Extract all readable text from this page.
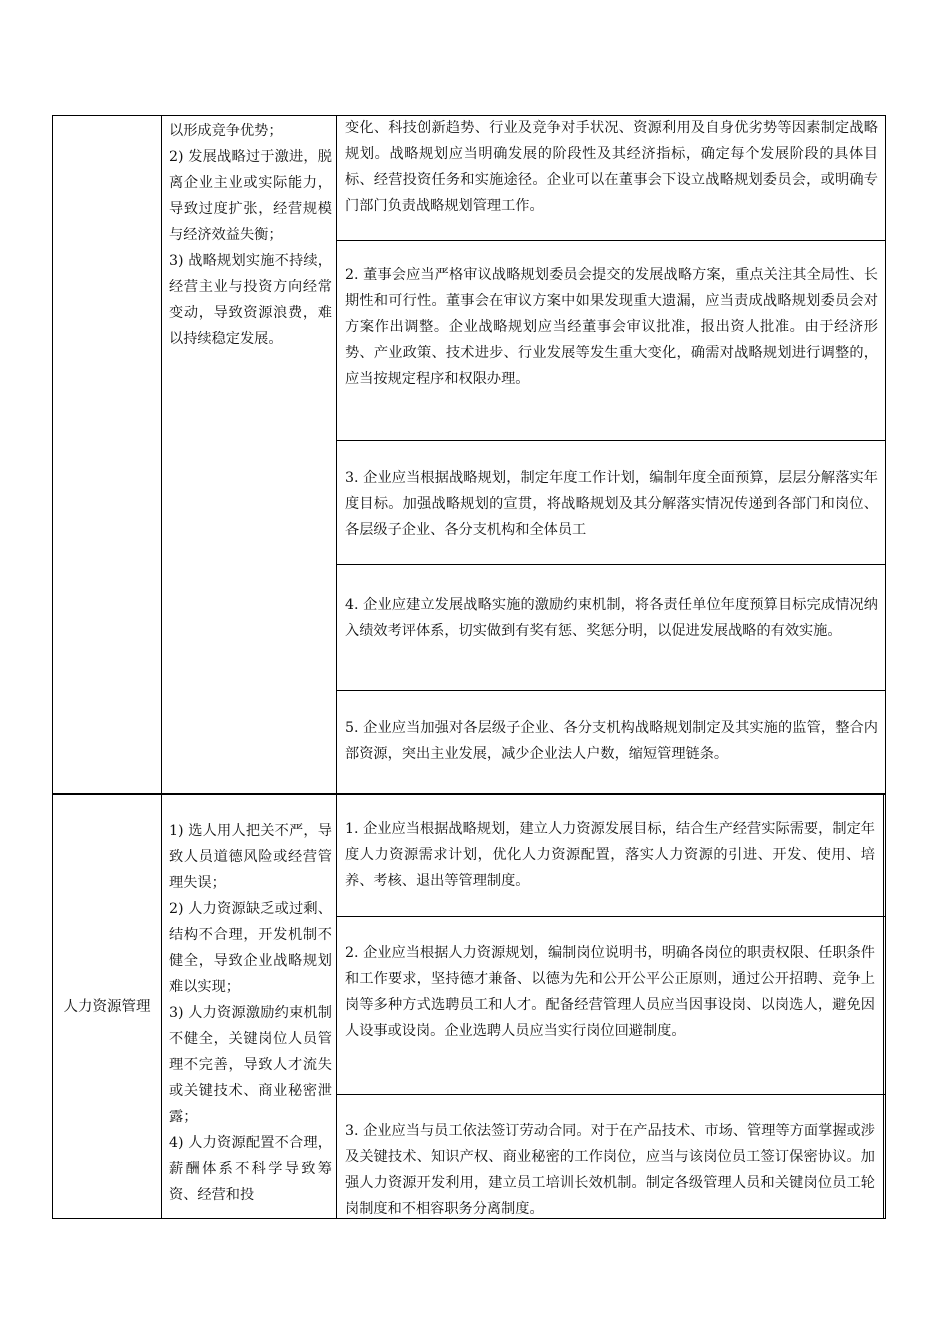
以形成竞争优势；
2) 发展战略过于激进，脱离企业主业或实际能力，导致过度扩张，经营规模与经济效益失衡；
3) 战略规划实施不持续，经营主业与投资方向经常变动，导致资源浪费，难以持续稳定发展。
变化、科技创新趋势、行业及竞争对手状况、资源利用及自身优劣势等因素制定战略规划。战略规划应当明确发展的阶段性及其经济指标，确定每个发展阶段的具体目标、经营投资任务和实施途径。企业可以在董事会下设立战略规划委员会，或明确专门部门负责战略规划管理工作。
2. 董事会应当严格审议战略规划委员会提交的发展战略方案，重点关注其全局性、长期性和可行性。董事会在审议方案中如果发现重大遗漏，应当责成战略规划委员会对方案作出调整。企业战略规划应当经董事会审议批准，报出资人批准。由于经济形势、产业政策、技术进步、行业发展等发生重大变化，确需对战略规划进行调整的，应当按规定程序和权限办理。
3. 企业应当根据战略规划，制定年度工作计划，编制年度全面预算，层层分解落实年度目标。加强战略规划的宣贯，将战略规划及其分解落实情况传递到各部门和岗位、各层级子企业、各分支机构和全体员工
4. 企业应建立发展战略实施的激励约束机制，将各责任单位年度预算目标完成情况纳入绩效考评体系，切实做到有奖有惩、奖惩分明，以促进发展战略的有效实施。
5. 企业应当加强对各层级子企业、各分支机构战略规划制定及其实施的监管，整合内部资源，突出主业发展，减少企业法人户数，缩短管理链条。
人力资源管理
1) 选人用人把关不严，导致人员道德风险或经营管理失误；
2) 人力资源缺乏或过剩、结构不合理，开发机制不健全，导致企业战略规划难以实现；
3) 人力资源激励约束机制不健全，关键岗位人员管理不完善，导致人才流失或关键技术、商业秘密泄露；
4) 人力资源配置不合理，薪酬体系不科学导致筹资、经营和投
1. 企业应当根据战略规划，建立人力资源发展目标，结合生产经营实际需要，制定年度人力资源需求计划，优化人力资源配置，落实人力资源的引进、开发、使用、培养、考核、退出等管理制度。
2. 企业应当根据人力资源规划，编制岗位说明书，明确各岗位的职责权限、任职条件和工作要求，坚持德才兼备、以德为先和公开公平公正原则，通过公开招聘、竞争上岗等多种方式选聘员工和人才。配备经营管理人员应当因事设岗、以岗选人，避免因人设事或设岗。企业选聘人员应当实行岗位回避制度。
3. 企业应当与员工依法签订劳动合同。对于在产品技术、市场、管理等方面掌握或涉及关键技术、知识产权、商业秘密的工作岗位，应当与该岗位员工签订保密协议。加强人力资源开发利用，建立员工培训长效机制。制定各级管理人员和关键岗位员工轮岗制度和不相容职务分离制度。
